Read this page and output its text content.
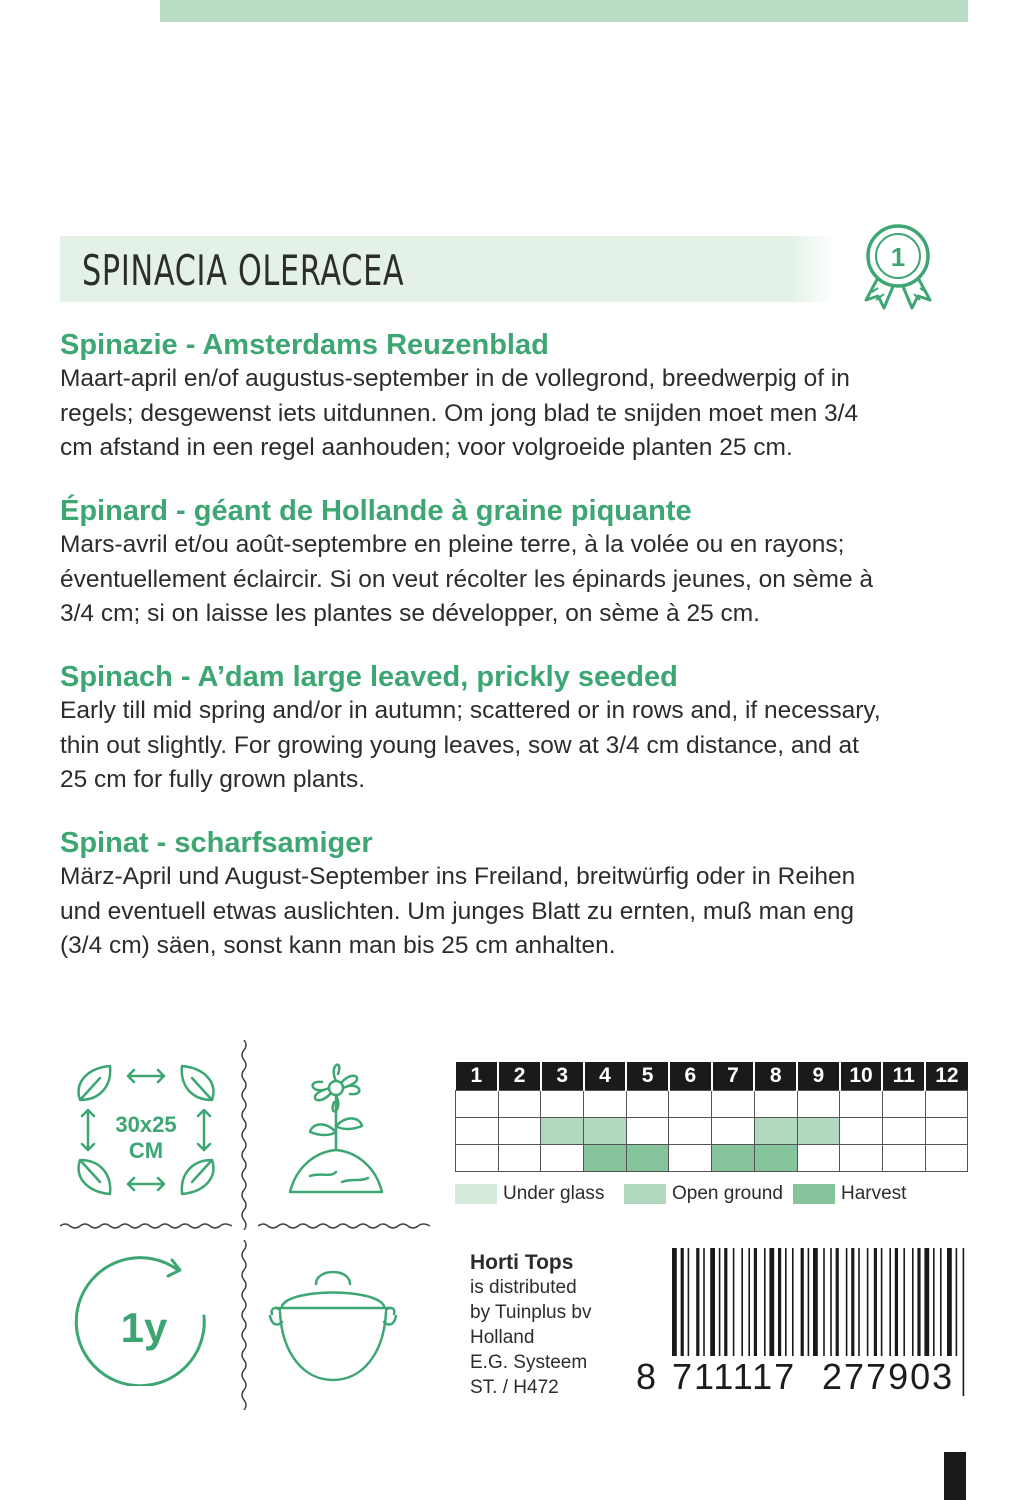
SPINACIA OLERACEA	1
Spinazie - Amsterdams Reuzenblad

Maart-april en/of augustus-september in de vollegrond, breedwerpig of in

regels; desgewenst iets uitdunnen. Om jong blad te snijden moet men 3/4

cm afstand in een regel aanhouden; voor volgroeide planten 25 cm.

Épinard - géant de Hollande à graine piquante

Mars-avril et/ou août-septembre en pleine terre, à la volée ou en rayons;

éventuellement éclaircir. Si on veut récolter les épinards jeunes, on sème à

3/4 cm; si on laisse les plantes se développer, on sème à 25 cm.

Spinach - A’dam large leaved, prickly seeded

Early till mid spring and/or in autumn; scattered or in rows and, if necessary,

thin out slightly. For growing young leaves, sow at 3/4 cm distance, and at

25 cm for fully grown plants.

Spinat - scharfsamiger

März-April und August-September ins Freiland, breitwürfig oder in Reihen

und eventuell etwas auslichten. Um junges Blatt zu ernten, muß man eng

(3/4 cm) säen, sonst kann man bis 25 cm anhalten.

30x25
CM
1y
1	2	3	4	5	6	7	8	9	10	11	12

Under glass	Open ground	Harvest
Horti Tops
is distributed
by Tuinplus bv
Holland
E.G. Systeem
ST. / H472	8 711117 277903
